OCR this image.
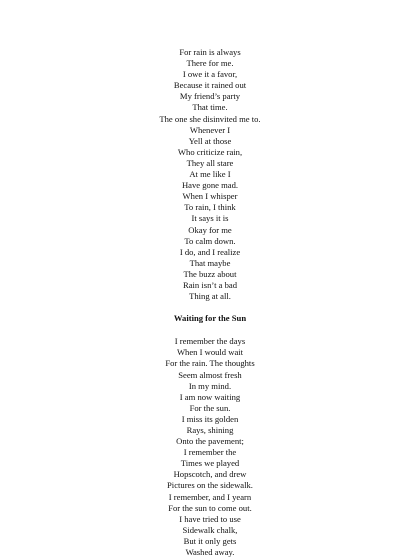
For rain is always
There for me.
I owe it a favor,
Because it rained out
My friend’s party
That time.
The one she disinvited me to.
Whenever I
Yell at those
Who criticize rain,
They all stare
At me like I
Have gone mad.
When I whisper
To rain, I think
It says it is
Okay for me
To calm down.
I do, and I realize
That maybe
The buzz about
Rain isn’t a bad
Thing at all.
Waiting for the Sun
I remember the days
When I would wait
For the rain. The thoughts
Seem almost fresh
In my mind.
I am now waiting
For the sun.
I miss its golden
Rays, shining
Onto the pavement;
I remember the
Times we played
Hopscotch, and drew
Pictures on the sidewalk.
I remember, and I yearn
For the sun to come out.
I have tried to use
Sidewalk chalk,
But it only gets
Washed away.
